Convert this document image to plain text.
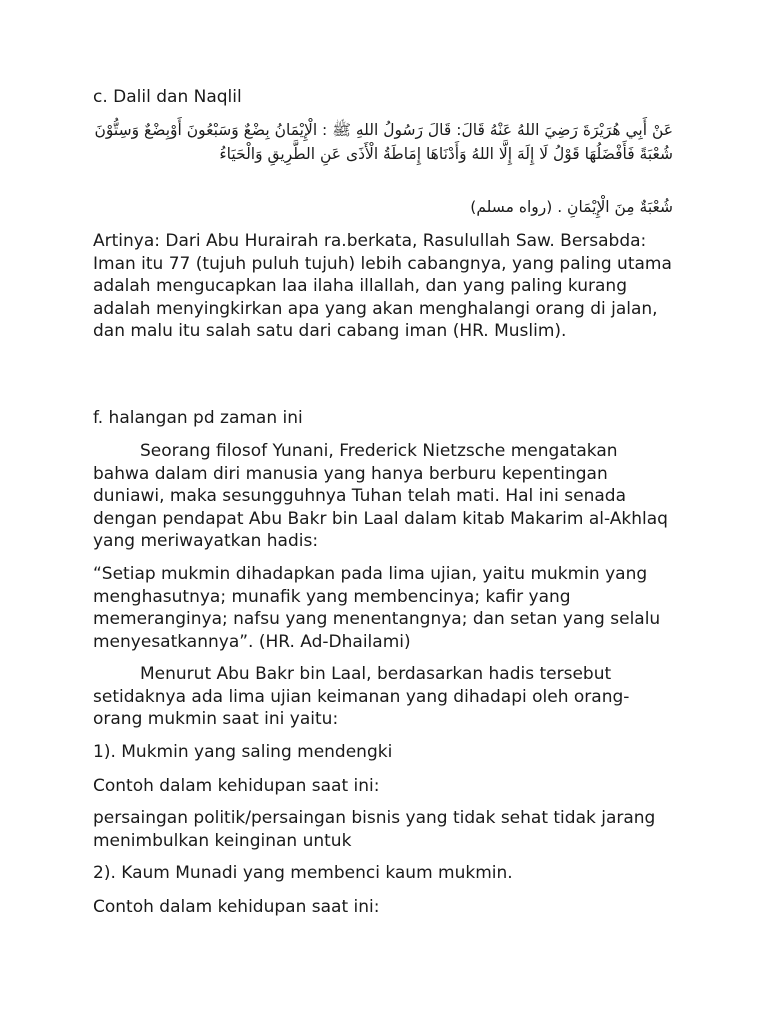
c. Dalil dan Naqlil

عَنْ أَبِي هُرَيْرَةَ رَضِيَ اللهُ عَنْهُ قَالَ: قَالَ رَسُولُ اللهِ ﷺ : الْإِيْمَانُ بِضْعٌ وَسَبْعُونَ أَوْبِضْعٌ وَسِتُّوْنَ شُعْبَةً فَأَفْضَلُهَا قَوْلُ لَا إِلَهَ إِلَّا اللهُ وَأَدْنَاهَا إِمَاطَةُ الْأَذَى عَنِ الطَّرِيقِ وَالْحَيَاءُ

شُعْبَةٌ مِنَ الْإِيْمَانِ . (رواه مسلم)

Artinya: Dari Abu Hurairah ra.berkata, Rasulullah Saw. Bersabda: Iman itu 77 (tujuh puluh tujuh) lebih cabangnya, yang paling utama adalah mengucapkan laa ilaha illallah, dan yang paling kurang adalah menyingkirkan apa yang akan menghalangi orang di jalan, dan malu itu salah satu dari cabang iman (HR. Muslim).

f. halangan pd zaman ini

Seorang filosof Yunani, Frederick Nietzsche mengatakan bahwa dalam diri manusia yang hanya berburu kepentingan duniawi, maka sesungguhnya Tuhan telah mati. Hal ini senada dengan pendapat Abu Bakr bin Laal dalam kitab Makarim al-Akhlaq yang meriwayatkan hadis:

“Setiap mukmin dihadapkan pada lima ujian, yaitu mukmin yang menghasutnya; munafik yang membencinya; kafir yang memeranginya; nafsu yang menentangnya; dan setan yang selalu menyesatkannya”. (HR. Ad-Dhailami)

Menurut Abu Bakr bin Laal, berdasarkan hadis tersebut setidaknya ada lima ujian keimanan yang dihadapi oleh orang-orang mukmin saat ini yaitu:

1). Mukmin yang saling mendengki

Contoh dalam kehidupan saat ini:

persaingan politik/persaingan bisnis yang tidak sehat tidak jarang menimbulkan keinginan untuk

2). Kaum Munadi yang membenci kaum mukmin.

Contoh dalam kehidupan saat ini:
